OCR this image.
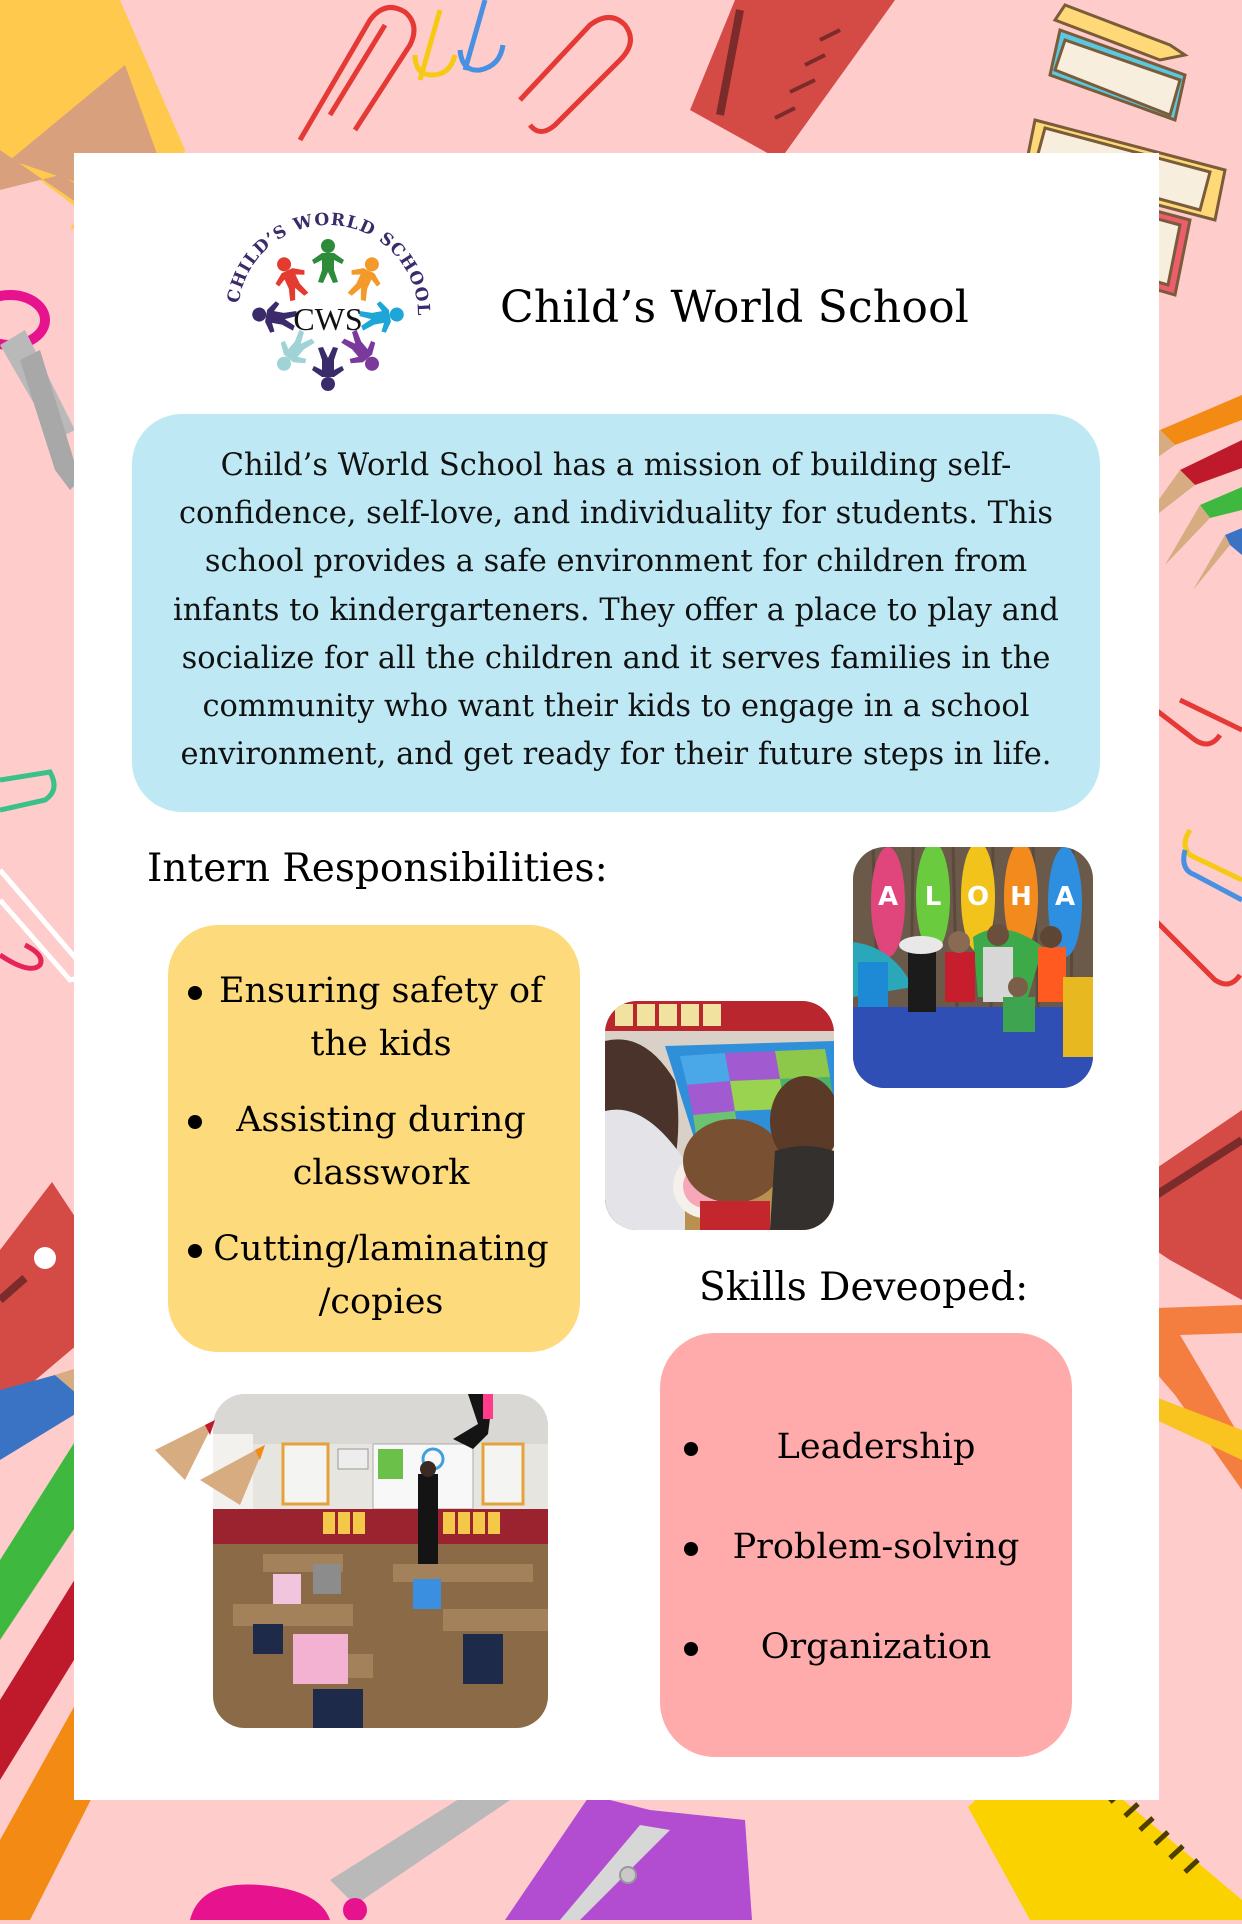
CHILD’S WORLD SCHOOL
CWS	Child’s World School

Child’s World School has a mission of building self-

confidence, self-love, and individuality for students. This

school provides a safe environment for children from

infants to kindergarteners. They offer a place to play and

socialize for all the children and it serves families in the

community who want their kids to engage in a school

environment, and get ready for their future steps in life.

Intern Responsibilities:
Ensuring safety of the kids
Assisting during classwork
Cutting/laminating /copies
A L O H A
Skills Deveoped:
Leadership
Problem-solving
Organization
